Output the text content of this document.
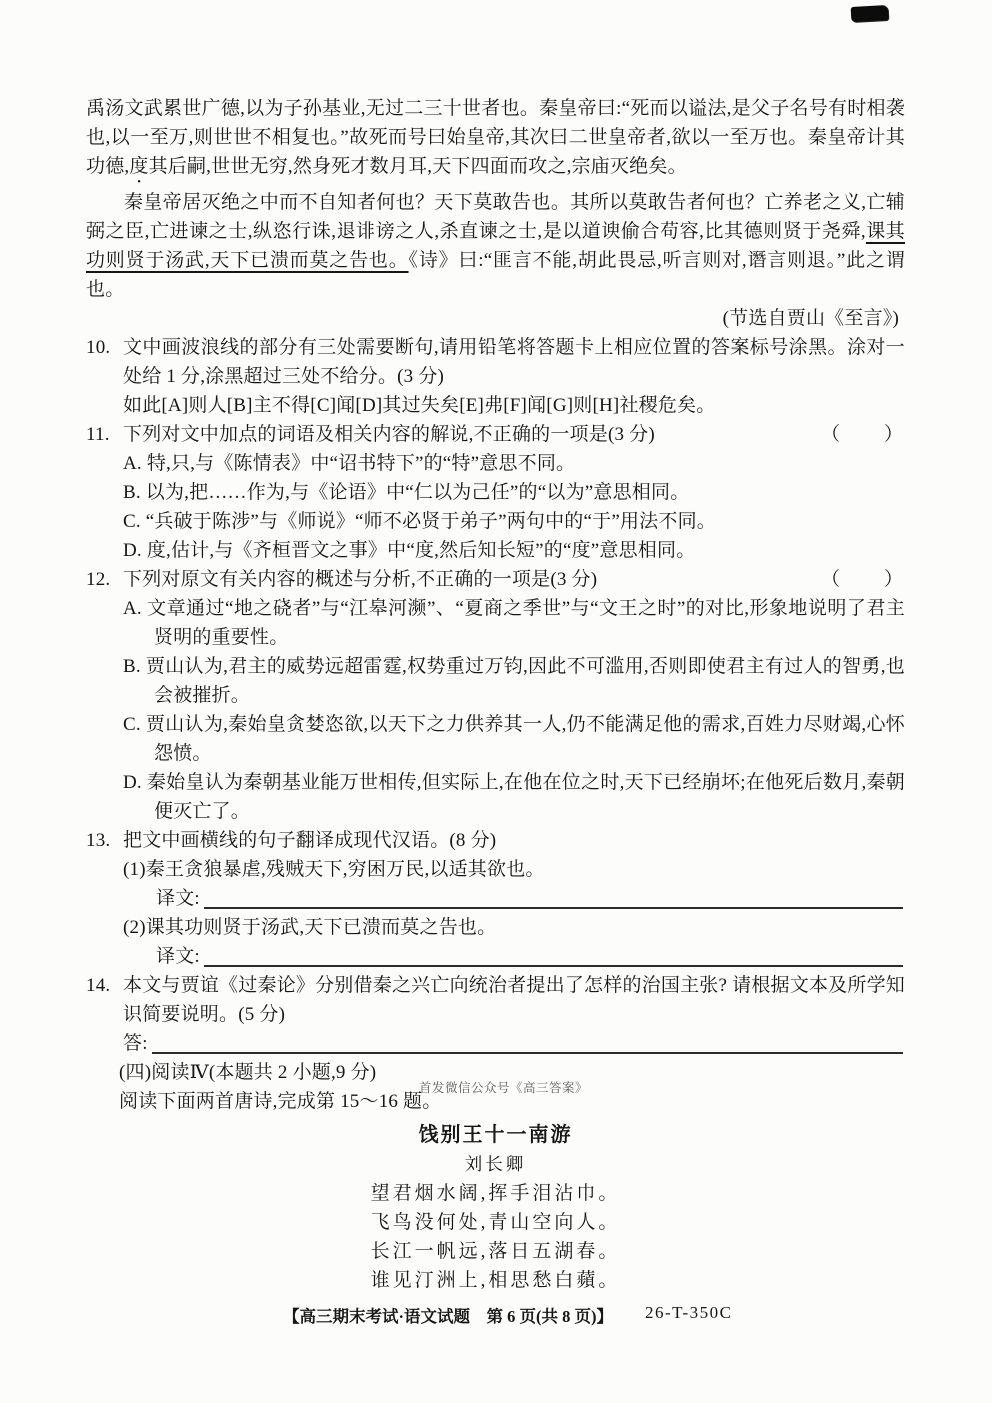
禹汤文武累世广德,以为子孙基业,无过二三十世者也。秦皇帝曰:“死而以谥法,是父子名号有时相袭也,以一至万,则世世不相复也。”故死而号曰始皇帝,其次曰二世皇帝者,欲以一至万也。秦皇帝计其功德,度其后嗣,世世无穷,然身死才数月耳,天下四面而攻之,宗庙灭绝矣。

秦皇帝居灭绝之中而不自知者何也？天下莫敢告也。其所以莫敢告者何也？亡养老之义,亡辅弼之臣,亡进谏之士,纵恣行诛,退诽谤之人,杀直谏之士,是以道谀偷合苟容,比其德则贤于尧舜,课其功则贤于汤武,天下已溃而莫之告也。《诗》曰:“匪言不能,胡此畏忌,听言则对,谮言则退。”此之谓也。

(节选自贾山《至言》)

10. 文中画波浪线的部分有三处需要断句,请用铅笔将答题卡上相应位置的答案标号涂黑。涂对一处给 1 分,涂黑超过三处不给分。(3 分)
如此[A]则人[B]主不得[C]闻[D]其过失矣[E]弗[F]闻[G]则[H]社稷危矣。
11.	（　　）
下列对文中加点的词语及相关内容的解说,不正确的一项是(3 分)
A. 特,只,与《陈情表》中“诏书特下”的“特”意思不同。
B. 以为,把……作为,与《论语》中“仁以为己任”的“以为”意思相同。
C. “兵破于陈涉”与《师说》“师不必贤于弟子”两句中的“于”用法不同。
D. 度,估计,与《齐桓晋文之事》中“度,然后知长短”的“度”意思相同。
12.	（　　）
下列对原文有关内容的概述与分析,不正确的一项是(3 分)
A. 文章通过“地之硗者”与“江皋河濒”、“夏商之季世”与“文王之时”的对比,形象地说明了君主贤明的重要性。
B. 贾山认为,君主的威势远超雷霆,权势重过万钧,因此不可滥用,否则即使君主有过人的智勇,也会被摧折。
C. 贾山认为,秦始皇贪婪恣欲,以天下之力供养其一人,仍不能满足他的需求,百姓力尽财竭,心怀怨愤。
D. 秦始皇认为秦朝基业能万世相传,但实际上,在他在位之时,天下已经崩坏;在他死后数月,秦朝便灭亡了。
13. 把文中画横线的句子翻译成现代汉语。(8 分)
(1)秦王贪狼暴虐,残贼天下,穷困万民,以适其欲也。
译文:
(2)课其功则贤于汤武,天下已溃而莫之告也。
译文:
14. 本文与贾谊《过秦论》分别借秦之兴亡向统治者提出了怎样的治国主张? 请根据文本及所学知识简要说明。(5 分)
答:
(四)阅读Ⅳ(本题共 2 小题,9 分)
阅读下面两首唐诗,完成第 15～16 题。
首发微信公众号《高三答案》
饯别王十一南游
刘长卿
望君烟水阔,挥手泪沾巾。
飞鸟没何处,青山空向人。
长江一帆远,落日五湖春。
谁见汀洲上,相思愁白蘋。
【高三期末考试·语文试题　第 6 页(共 8 页)】 26-T-350C
